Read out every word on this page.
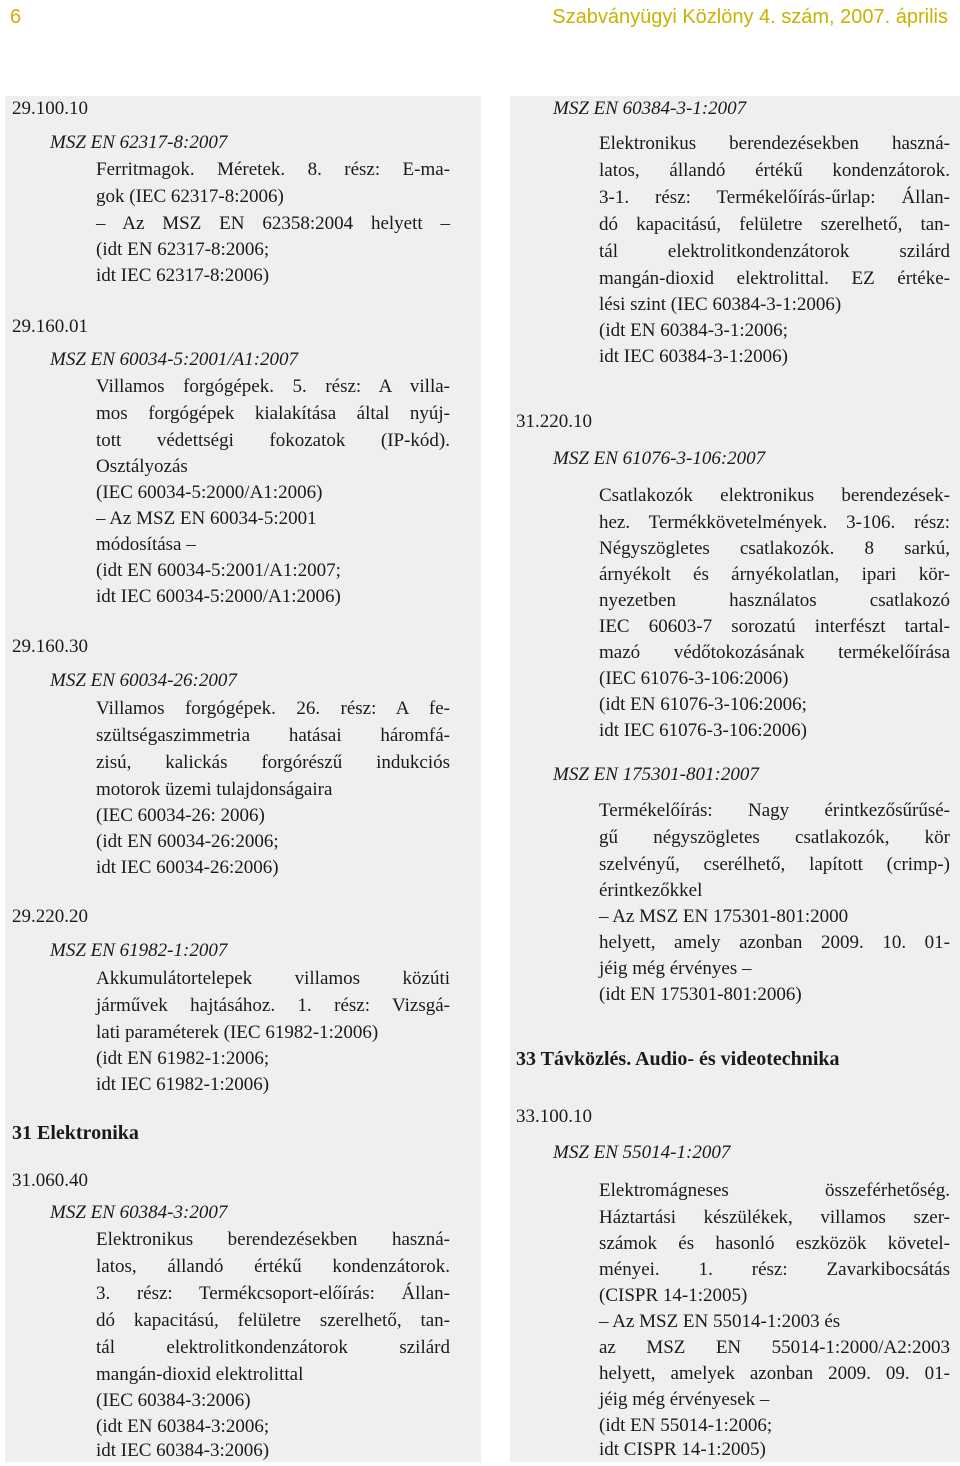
6	Szabványügyi Közlöny 4. szám, 2007. április
29.100.10
MSZ EN 62317-8:2007
Ferritmagok. Méretek. 8. rész: E-ma-
gok (IEC 62317-8:2006)
– Az MSZ EN 62358:2004 helyett –
(idt EN 62317-8:2006;
idt IEC 62317-8:2006)
29.160.01
MSZ EN 60034-5:2001/A1:2007
Villamos forgógépek. 5. rész: A villa-
mos forgógépek kialakítása által nyúj-
tott védettségi fokozatok (IP-kód).
Osztályozás
(IEC 60034-5:2000/A1:2006)
– Az MSZ EN 60034-5:2001
módosítása –
(idt EN 60034-5:2001/A1:2007;
idt IEC 60034-5:2000/A1:2006)
29.160.30
MSZ EN 60034-26:2007
Villamos forgógépek. 26. rész: A fe-
szültségaszimmetria hatásai háromfá-
zisú, kalickás forgórészű indukciós
motorok üzemi tulajdonságaira
(IEC 60034-26: 2006)
(idt EN 60034-26:2006;
idt IEC 60034-26:2006)
29.220.20
MSZ EN 61982-1:2007
Akkumulátortelepek villamos közúti
járművek hajtásához. 1. rész: Vizsgá-
lati paraméterek (IEC 61982-1:2006)
(idt EN 61982-1:2006;
idt IEC 61982-1:2006)
31 Elektronika
31.060.40
MSZ EN 60384-3:2007
Elektronikus berendezésekben haszná-
latos, állandó értékű kondenzátorok.
3. rész: Termékcsoport-előírás: Állan-
dó kapacitású, felületre szerelhető, tan-
tál elektrolitkondenzátorok szilárd
mangán-dioxid elektrolittal
(IEC 60384-3:2006)
(idt EN 60384-3:2006;
idt IEC 60384-3:2006)
MSZ EN 60384-3-1:2007
Elektronikus berendezésekben haszná-
latos, állandó értékű kondenzátorok.
3-1. rész: Termékelőírás-űrlap: Állan-
dó kapacitású, felületre szerelhető, tan-
tál elektrolitkondenzátorok szilárd
mangán-dioxid elektrolittal. EZ értéke-
lési szint (IEC 60384-3-1:2006)
(idt EN 60384-3-1:2006;
idt IEC 60384-3-1:2006)
31.220.10
MSZ EN 61076-3-106:2007
Csatlakozók elektronikus berendezések-
hez. Termékkövetelmények. 3-106. rész:
Négyszögletes csatlakozók. 8 sarkú,
árnyékolt és árnyékolatlan, ipari kör-
nyezetben használatos csatlakozó
IEC 60603-7 sorozatú interfészt tartal-
mazó védőtokozásának termékelőírása
(IEC 61076-3-106:2006)
(idt EN 61076-3-106:2006;
idt IEC 61076-3-106:2006)
MSZ EN 175301-801:2007
Termékelőírás: Nagy érintkezősűrűsé-
gű négyszögletes csatlakozók, kör
szelvényű, cserélhető, lapított (crimp-)
érintkezőkkel
– Az MSZ EN 175301-801:2000
helyett, amely azonban 2009. 10. 01-
jéig még érvényes –
(idt EN 175301-801:2006)
33 Távközlés. Audio- és videotechnika
33.100.10
MSZ EN 55014-1:2007
Elektromágneses összeférhetőség.
Háztartási készülékek, villamos szer-
számok és hasonló eszközök követel-
ményei. 1. rész: Zavarkibocsátás
(CISPR 14-1:2005)
– Az MSZ EN 55014-1:2003 és
az MSZ EN 55014-1:2000/A2:2003
helyett, amelyek azonban 2009. 09. 01-
jéig még érvényesek –
(idt EN 55014-1:2006;
idt CISPR 14-1:2005)
